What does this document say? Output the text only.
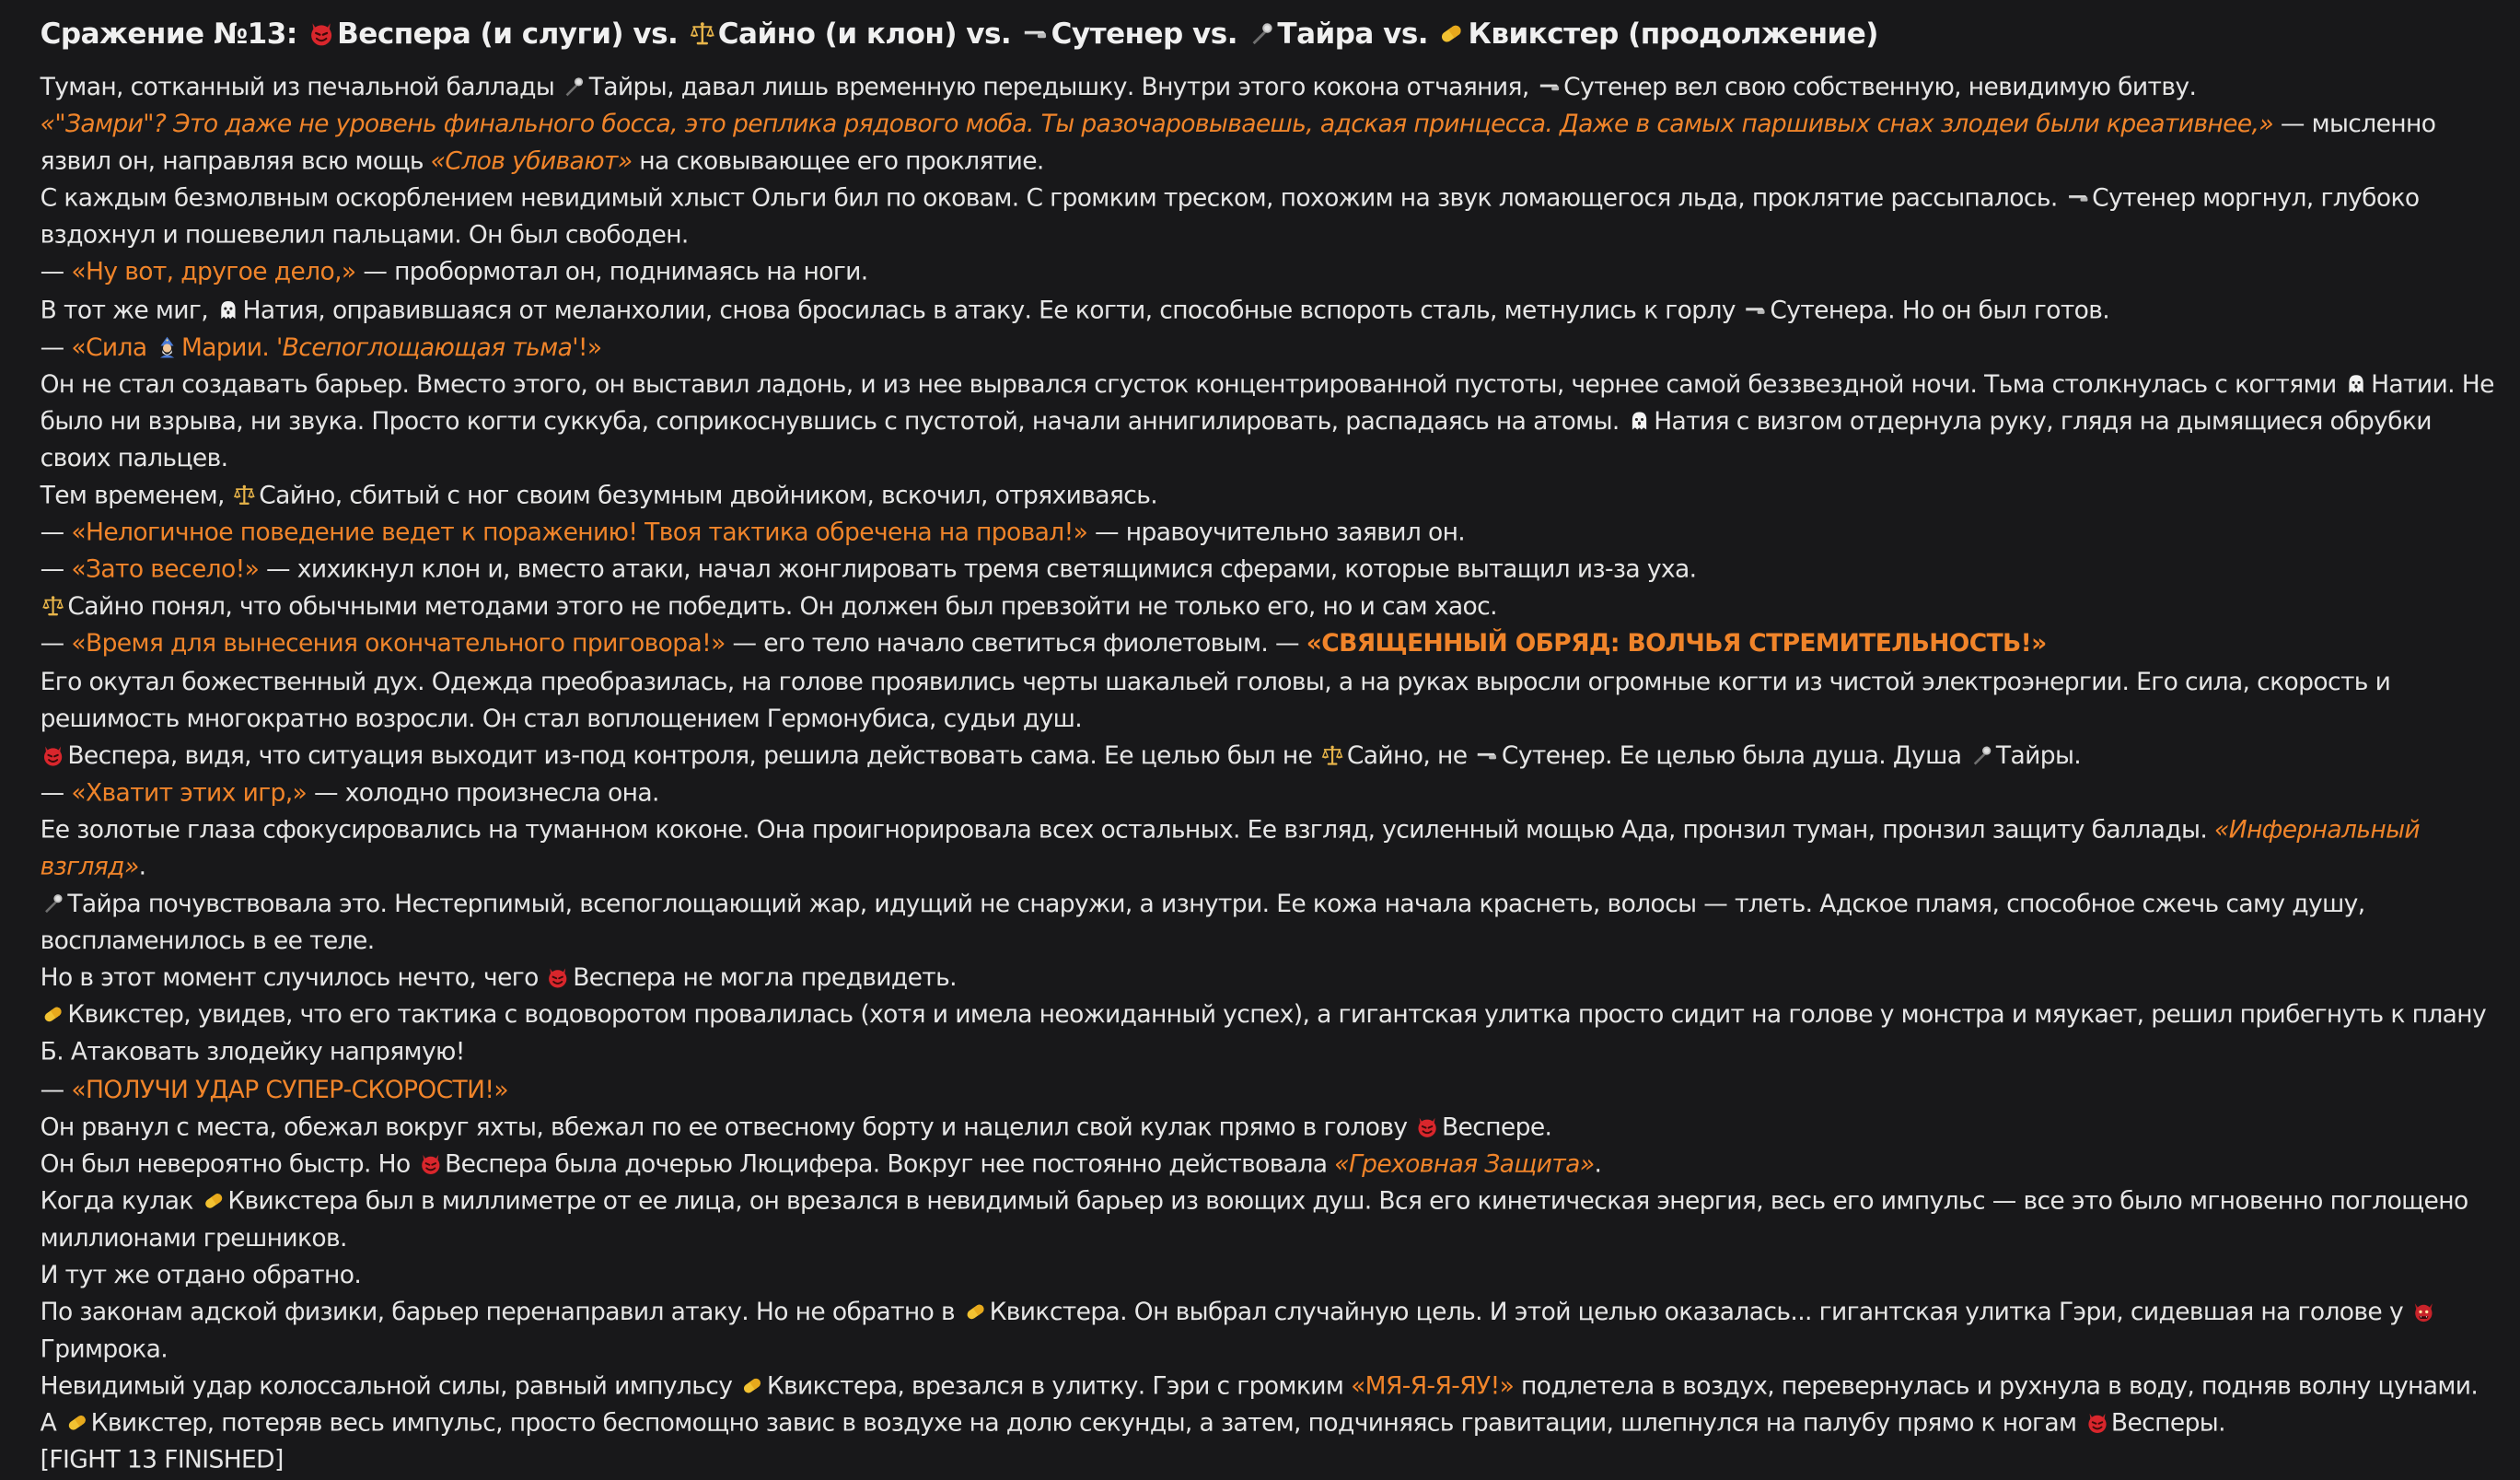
Сражение №13: Веспера (и слуги) vs. Сайно (и клон) vs. Сутенер vs. Тайра vs. Квикстер (продолжение)

Туман, сотканный из печальной баллады Тайры, давал лишь временную передышку. Внутри этого кокона отчаяния, Сутенер вел свою собственную, невидимую битву.

«"Замри"? Это даже не уровень финального босса, это реплика рядового моба. Ты разочаровываешь, адская принцесса. Даже в самых паршивых снах злодеи были креативнее,» — мысленно язвил он, направляя всю мощь «Слов убивают» на сковывающее его проклятие.

С каждым безмолвным оскорблением невидимый хлыст Ольги бил по оковам. С громким треском, похожим на звук ломающегося льда, проклятие рассыпалось. Сутенер моргнул, глубоко вздохнул и пошевелил пальцами. Он был свободен.

— «Ну вот, другое дело,» — пробормотал он, поднимаясь на ноги.

В тот же миг, Натия, оправившаяся от меланхолии, снова бросилась в атаку. Ее когти, способные вспороть сталь, метнулись к горлу Сутенера. Но он был готов.

— «Сила Марии. 'Всепоглощающая тьма'!»

Он не стал создавать барьер. Вместо этого, он выставил ладонь, и из нее вырвался сгусток концентрированной пустоты, чернее самой беззвездной ночи. Тьма столкнулась с когтями Натии. Не было ни взрыва, ни звука. Просто когти суккуба, соприкоснувшись с пустотой, начали аннигилировать, распадаясь на атомы. Натия с визгом отдернула руку, глядя на дымящиеся обрубки своих пальцев.

Тем временем, Сайно, сбитый с ног своим безумным двойником, вскочил, отряхиваясь.

— «Нелогичное поведение ведет к поражению! Твоя тактика обречена на провал!» — нравоучительно заявил он.

— «Зато весело!» — хихикнул клон и, вместо атаки, начал жонглировать тремя светящимися сферами, которые вытащил из-за уха.

Сайно понял, что обычными методами этого не победить. Он должен был превзойти не только его, но и сам хаос.

— «Время для вынесения окончательного приговора!» — его тело начало светиться фиолетовым. — «СВЯЩЕННЫЙ ОБРЯД: ВОЛЧЬЯ СТРЕМИТЕЛЬНОСТЬ!»

Его окутал божественный дух. Одежда преобразилась, на голове проявились черты шакальей головы, а на руках выросли огромные когти из чистой электроэнергии. Его сила, скорость и решимость многократно возросли. Он стал воплощением Гермонубиса, судьи душ.

Веспера, видя, что ситуация выходит из-под контроля, решила действовать сама. Ее целью был не Сайно, не Сутенер. Ее целью была душа. Душа Тайры.

— «Хватит этих игр,» — холодно произнесла она.

Ее золотые глаза сфокусировались на туманном коконе. Она проигнорировала всех остальных. Ее взгляд, усиленный мощью Ада, пронзил туман, пронзил защиту баллады. «Инфернальный взгляд».

Тайра почувствовала это. Нестерпимый, всепоглощающий жар, идущий не снаружи, а изнутри. Ее кожа начала краснеть, волосы — тлеть. Адское пламя, способное сжечь саму душу, воспламенилось в ее теле.

Но в этот момент случилось нечто, чего Веспера не могла предвидеть.

Квикстер, увидев, что его тактика с водоворотом провалилась (хотя и имела неожиданный успех), а гигантская улитка просто сидит на голове у монстра и мяукает, решил прибегнуть к плану Б. Атаковать злодейку напрямую!

— «ПОЛУЧИ УДАР СУПЕР-СКОРОСТИ!»

Он рванул с места, обежал вокруг яхты, вбежал по ее отвесному борту и нацелил свой кулак прямо в голову Веспере.

Он был невероятно быстр. Но Веспера была дочерью Люцифера. Вокруг нее постоянно действовала «Греховная Защита».

Когда кулак Квикстера был в миллиметре от ее лица, он врезался в невидимый барьер из воющих душ. Вся его кинетическая энергия, весь его импульс — все это было мгновенно поглощено миллионами грешников.

И тут же отдано обратно.

По законам адской физики, барьер перенаправил атаку. Но не обратно в Квикстера. Он выбрал случайную цель. И этой целью оказалась... гигантская улитка Гэри, сидевшая на голове у Гримрока.

Невидимый удар колоссальной силы, равный импульсу Квикстера, врезался в улитку. Гэри с громким «МЯ-Я-Я-ЯУ!» подлетела в воздух, перевернулась и рухнула в воду, подняв волну цунами.

А Квикстер, потеряв весь импульс, просто беспомощно завис в воздухе на долю секунды, а затем, подчиняясь гравитации, шлепнулся на палубу прямо к ногам Весперы.

[FIGHT 13 FINISHED]
